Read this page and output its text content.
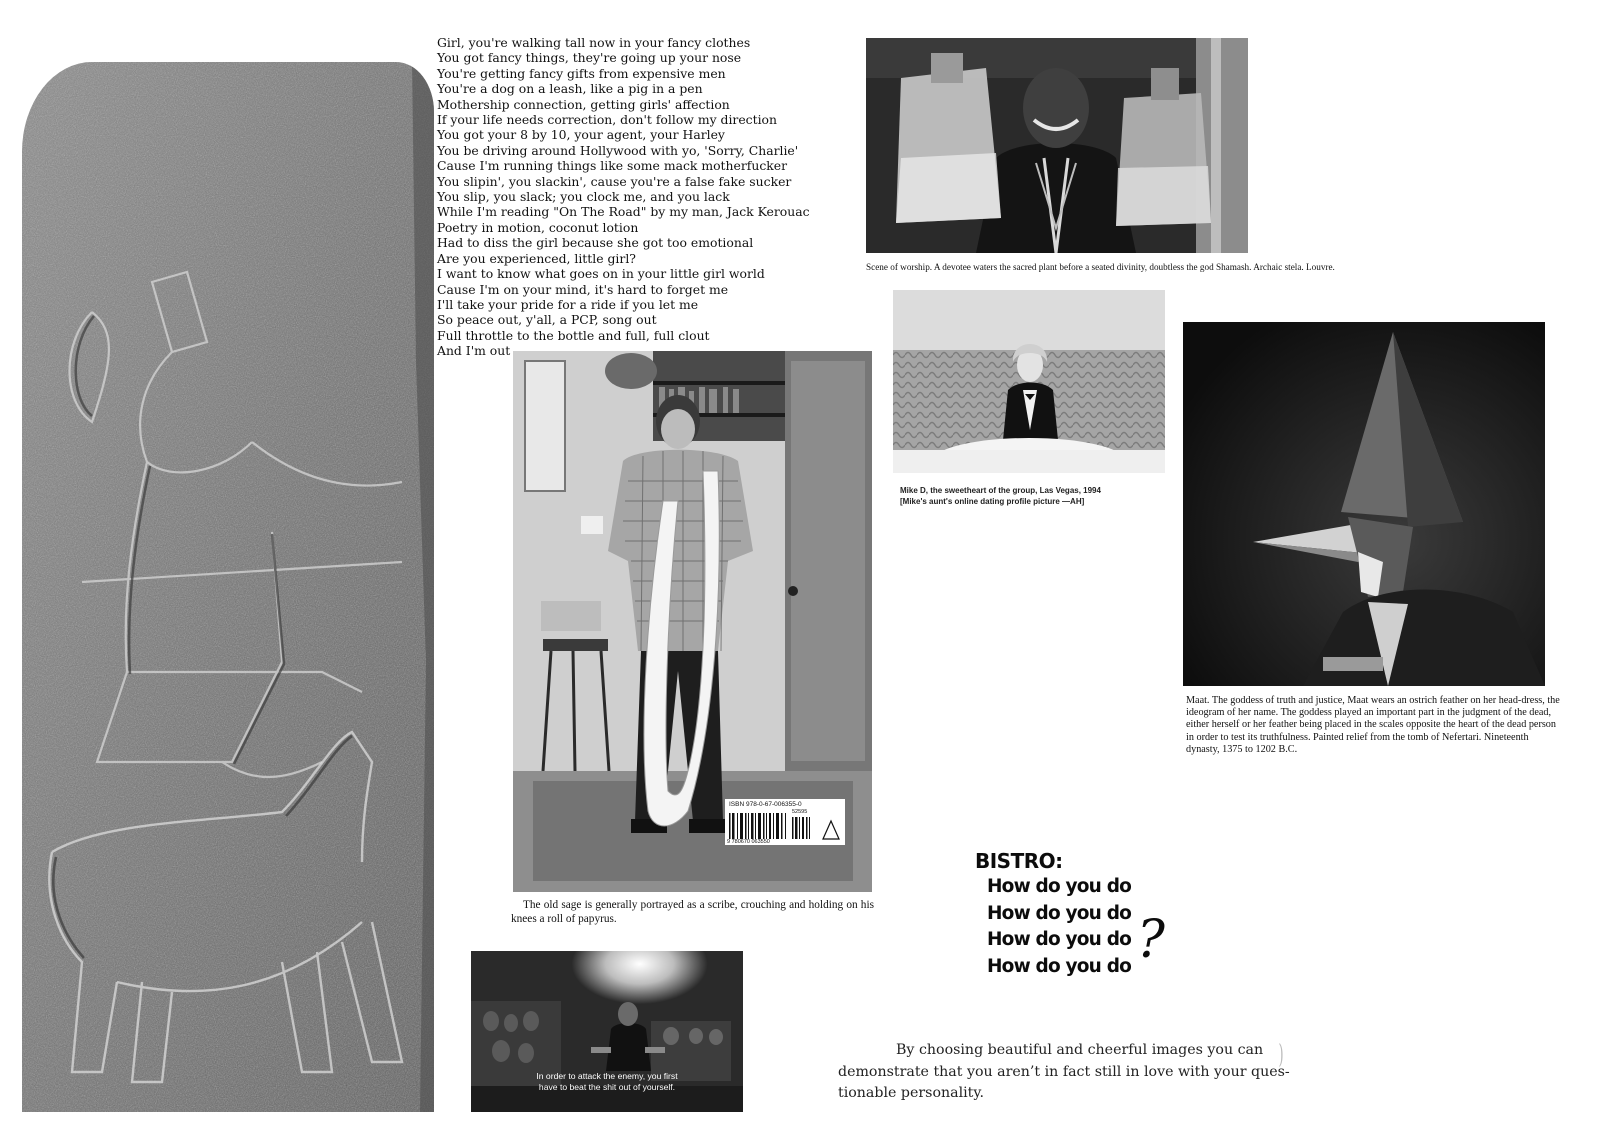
Girl, you're walking tall now in your fancy clothes
You got fancy things, they're going up your nose
You're getting fancy gifts from expensive men
You're a dog on a leash, like a pig in a pen
Mothership connection, getting girls' affection
If your life needs correction, don't follow my direction
You got your 8 by 10, your agent, your Harley
You be driving around Hollywood with yo, 'Sorry, Charlie'
Cause I'm running things like some mack motherfucker
You slipin', you slackin', cause you're a false fake sucker
You slip, you slack; you clock me, and you lack
While I'm reading "On The Road" by my man, Jack Kerouac
Poetry in motion, coconut lotion
Had to diss the girl because she got too emotional
Are you experienced, little girl?
I want to know what goes on in your little girl world
Cause I'm on your mind, it's hard to forget me
I'll take your pride for a ride if you let me
So peace out, y'all, a PCP, song out
Full throttle to the bottle and full, full clout
And I'm out
Scene of worship. A devotee waters the sacred plant before a seated divinity, doubtless the god Shamash. Archaic stela. Louvre.
Mike D, the sweetheart of the group, Las Vegas, 1994
[Mike's aunt's online dating profile picture —AH]
Maat. The goddess of truth and justice, Maat wears an ostrich feather on her head-dress, the ideogram of her name. The goddess played an important part in the judgment of the dead, either herself or her feather being placed in the scales opposite the heart of the dead person in order to test its truthfulness. Painted relief from the tomb of Nefertari. Nineteenth dynasty, 1375 to 1202 B.C.
ISBN 978-0-67-006355-0
52595
9 780670 063550
The old sage is generally portrayed as a scribe, crouching and holding on his knees a roll of papyrus.
In order to attack the enemy, you first
have to beat the shit out of yourself.
BISTRO:
How do you do
How do you do
How do you do
How do you do ?
By choosing beautiful and cheerful images you can
demonstrate that you aren’t in fact still in love with your ques-
tionable personality.
)
